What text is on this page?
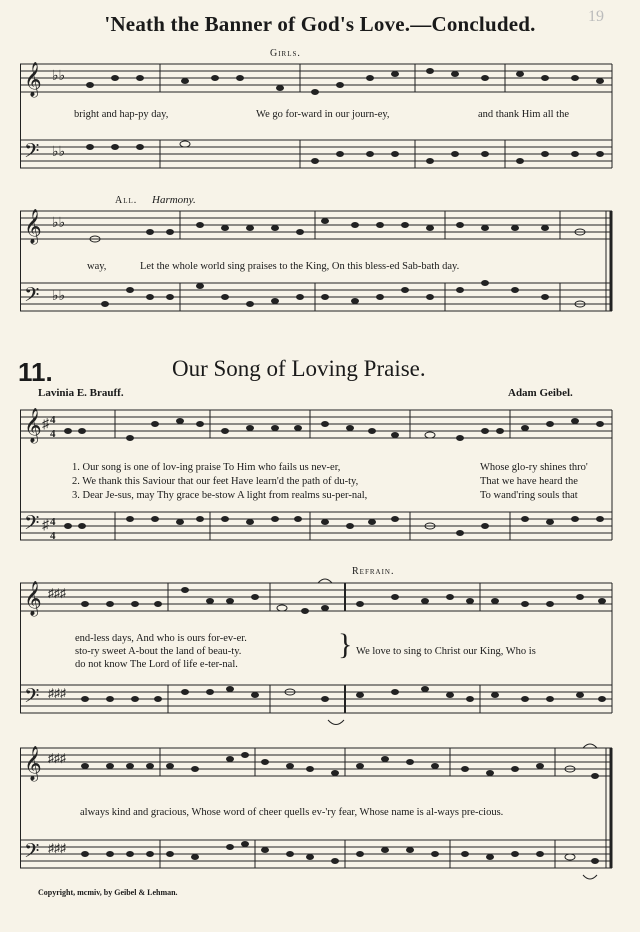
19
'Neath the Banner of God's Love.—Concluded.
Girls.
𝄞
𝄢
♭♭
♭♭
bright and hap-py day,	We go for-ward in our journ-ey,	and thank Him all the
All. Harmony.
𝄞
𝄢
♭♭
♭♭
way,	Let the whole world sing praises to the King, On this bless-ed Sab-bath day.
11.	Our Song of Loving Praise.
Lavinia E. Brauff.	Adam Geibel.
𝄞
𝄢
4
4
4
4
♯
♯
1. Our song is one of lov-ing praise To Him who fails us nev-er,	Whose glo-ry shines thro'
2. We thank this Saviour that our feet Have learn'd the path of du-ty,	That we have heard the
3. Dear Je-sus, may Thy grace be-stow A light from realms su-per-nal,	To wand'ring souls that
Refrain.
𝄞
𝄢
♯♯♯
♯♯♯
end-less days, And who is ours for-ev-er.
sto-ry sweet A-bout the land of beau-ty.
do not know The Lord of life e-ter-nal.
} We love to sing to Christ our King, Who is
𝄞
𝄢
♯♯♯
♯♯♯
always kind and gracious, Whose word of cheer quells ev-'ry fear, Whose name is al-ways pre-cious.
Copyright, mcmiv, by Geibel & Lehman.
